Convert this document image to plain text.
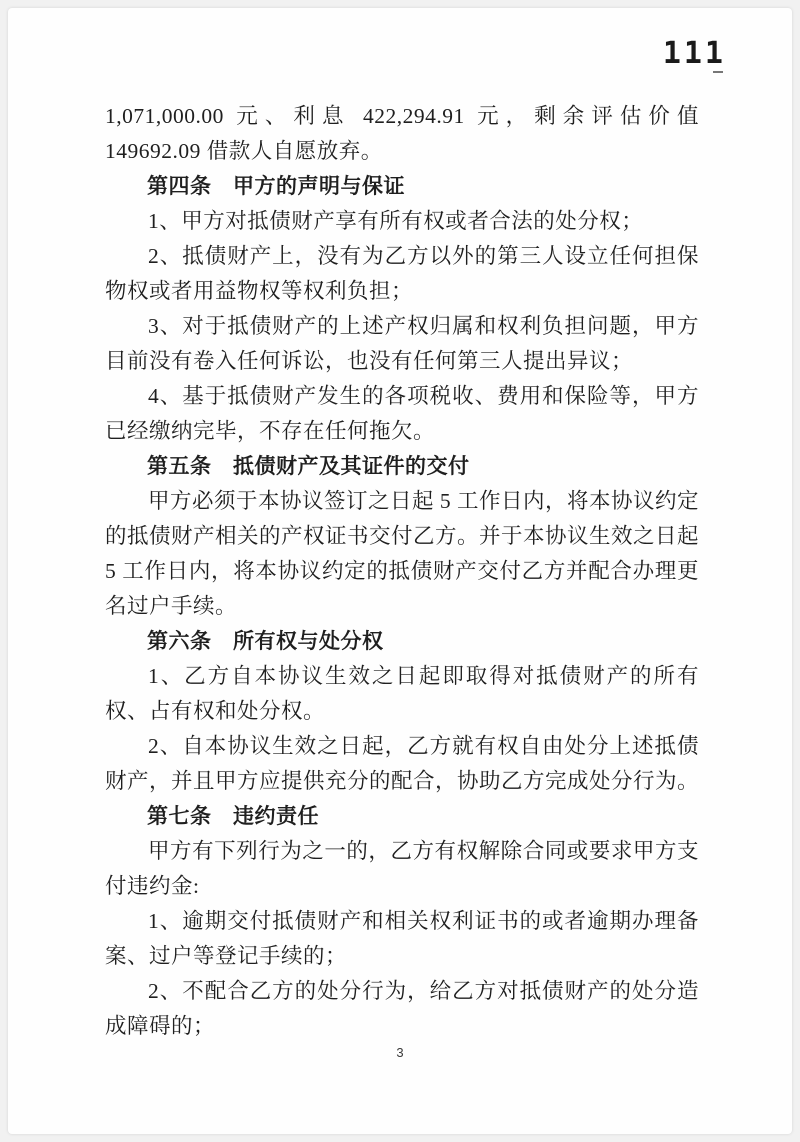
111

1,071,000.00 元、利息 422,294.91 元，剩余评估价值 149692.09 借款人自愿放弃。

第四条　甲方的声明与保证

1、甲方对抵债财产享有所有权或者合法的处分权；

2、抵债财产上，没有为乙方以外的第三人设立任何担保物权或者用益物权等权利负担；

3、对于抵债财产的上述产权归属和权利负担问题，甲方目前没有卷入任何诉讼，也没有任何第三人提出异议；

4、基于抵债财产发生的各项税收、费用和保险等，甲方已经缴纳完毕，不存在任何拖欠。

第五条　抵债财产及其证件的交付

甲方必须于本协议签订之日起 5 工作日内，将本协议约定的抵债财产相关的产权证书交付乙方。并于本协议生效之日起 5 工作日内，将本协议约定的抵债财产交付乙方并配合办理更名过户手续。

第六条　所有权与处分权

1、乙方自本协议生效之日起即取得对抵债财产的所有权、占有权和处分权。

2、自本协议生效之日起，乙方就有权自由处分上述抵债财产，并且甲方应提供充分的配合，协助乙方完成处分行为。

第七条　违约责任

甲方有下列行为之一的，乙方有权解除合同或要求甲方支付违约金:

1、逾期交付抵债财产和相关权利证书的或者逾期办理备案、过户等登记手续的；

2、不配合乙方的处分行为，给乙方对抵债财产的处分造成障碍的；

3
